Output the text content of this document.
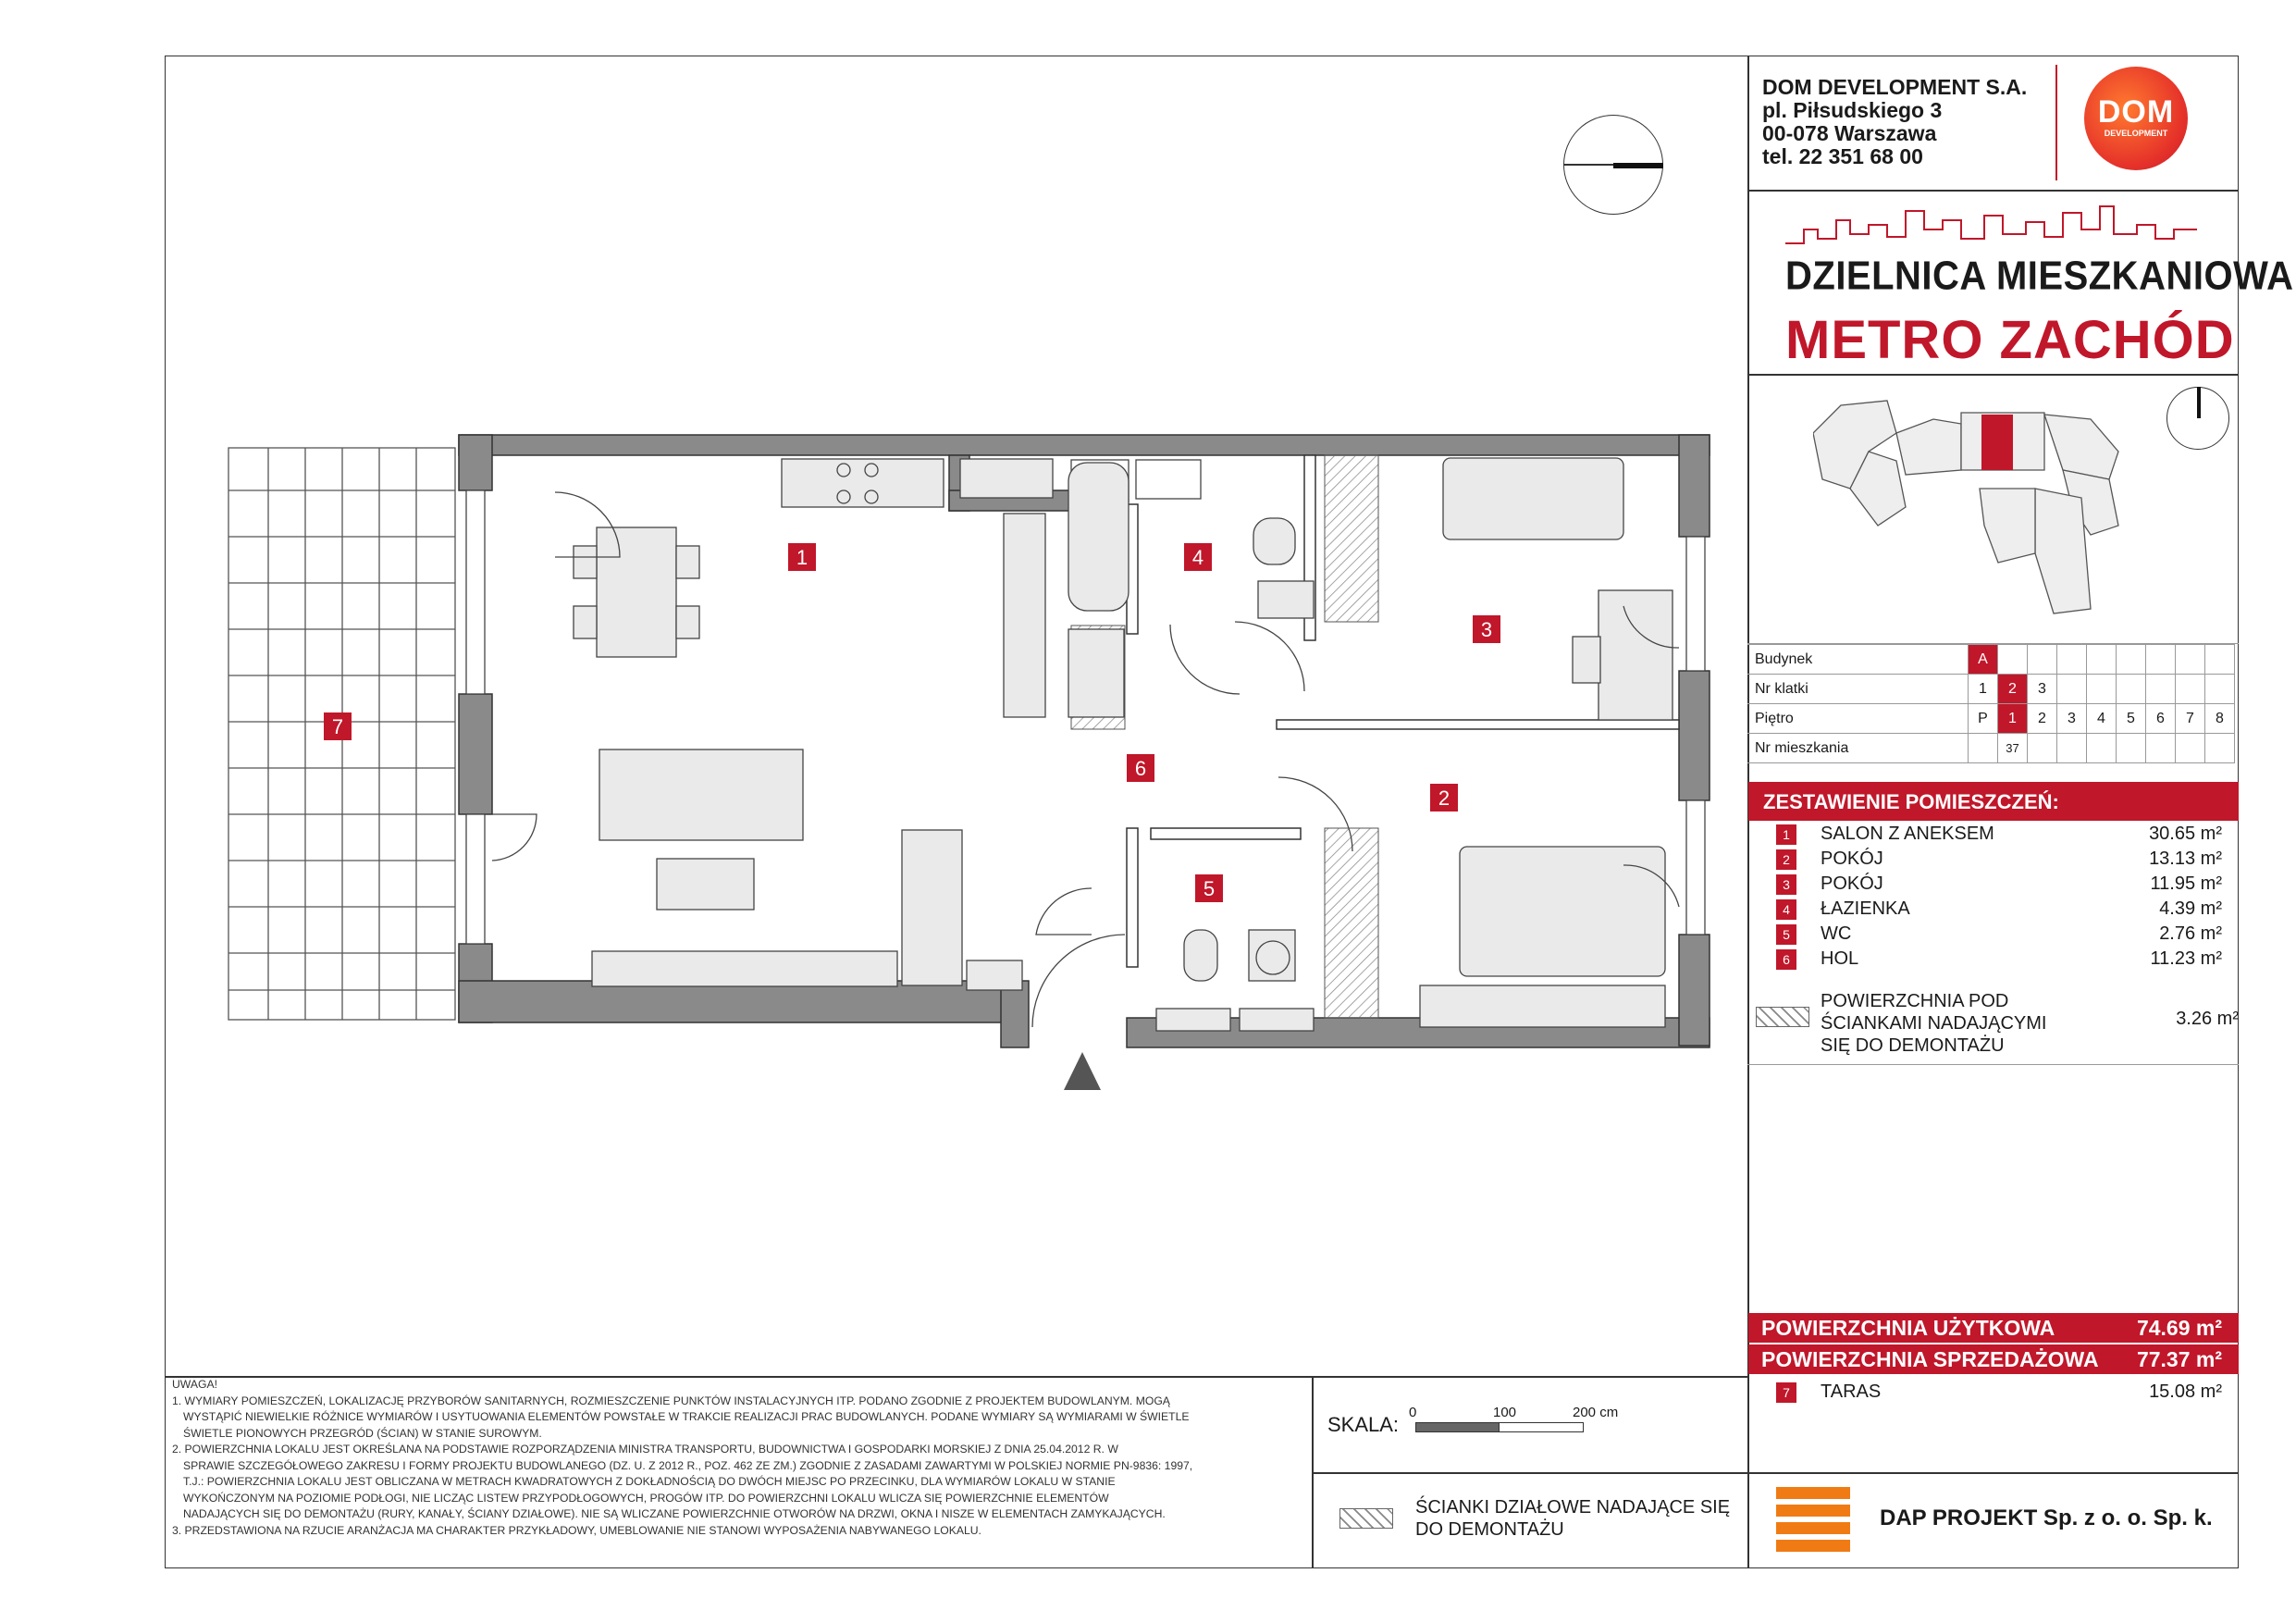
DOM DEVELOPMENT S.A.
pl. Piłsudskiego 3
00-078 Warszawa
tel. 22 351 68 00
DOM
DEVELOPMENT
DZIELNICA MIESZKANIOWA
METRO ZACHÓD
Budynek	A								
Nr klatki	1	2	3						
Piętro	P	1	2	3	4	5	6	7	8
Nr mieszkania		37							
ZESTAWIENIE POMIESZCZEŃ:
1	SALON Z ANEKSEM	30.65 m²
2	POKÓJ	13.13 m²
3	POKÓJ	11.95 m²
4	ŁAZIENKA	4.39 m²
5	WC	2.76 m²
6	HOL	11.23 m²
POWIERZCHNIA POD
ŚCIANKAMI NADAJĄCYMI
SIĘ DO DEMONTAŻU
3.26 m²
POWIERZCHNIA UŻYTKOWA	74.69 m²
POWIERZCHNIA SPRZEDAŻOWA 77.37 m²
7	TARAS	15.08 m²
UWAGA!
1. WYMIARY POMIESZCZEŃ, LOKALIZACJĘ PRZYBORÓW SANITARNYCH, ROZMIESZCZENIE PUNKTÓW INSTALACYJNYCH ITP. PODANO ZGODNIE Z PROJEKTEM BUDOWLANYM. MOGĄ
WYSTĄPIĆ NIEWIELKIE RÓŻNICE WYMIARÓW I USYTUOWANIA ELEMENTÓW POWSTAŁE W TRAKCIE REALIZACJI PRAC BUDOWLANYCH. PODANE WYMIARY SĄ WYMIARAMI W ŚWIETLE
ŚWIETLE PIONOWYCH PRZEGRÓD (ŚCIAN) W STANIE SUROWYM.
2. POWIERZCHNIA LOKALU JEST OKREŚLANA NA PODSTAWIE ROZPORZĄDZENIA MINISTRA TRANSPORTU, BUDOWNICTWA I GOSPODARKI MORSKIEJ Z DNIA 25.04.2012 R. W
SPRAWIE SZCZEGÓŁOWEGO ZAKRESU I FORMY PROJEKTU BUDOWLANEGO (DZ. U. Z 2012 R., POZ. 462 ZE ZM.) ZGODNIE Z ZASADAMI ZAWARTYMI W POLSKIEJ NORMIE PN-9836: 1997,
T.J.: POWIERZCHNIA LOKALU JEST OBLICZANA W METRACH KWADRATOWYCH Z DOKŁADNOŚCIĄ DO DWÓCH MIEJSC PO PRZECINKU, DLA WYMIARÓW LOKALU W STANIE
WYKOŃCZONYM NA POZIOMIE PODŁOGI, NIE LICZĄC LISTEW PRZYPODŁOGOWYCH, PROGÓW ITP. DO POWIERZCHNI LOKALU WLICZA SIĘ POWIERZCHNIE ELEMENTÓW
NADAJĄCYCH SIĘ DO DEMONTAŻU (RURY, KANAŁY, ŚCIANY DZIAŁOWE). NIE SĄ WLICZANE POWIERZCHNIE OTWORÓW NA DRZWI, OKNA I NISZE W ELEMENTACH ZAMYKAJĄCYCH.
3. PRZEDSTAWIONA NA RZUCIE ARANŻACJA MA CHARAKTER PRZYKŁADOWY, UMEBLOWANIE NIE STANOWI WYPOSAŻENIA NABYWANEGO LOKALU.
SKALA:
0	100	200 cm
ŚCIANKI DZIAŁOWE NADAJĄCE SIĘ
DO DEMONTAŻU	DAP PROJEKT Sp. z o. o. Sp. k.
1
2
3
4
5
6
7
